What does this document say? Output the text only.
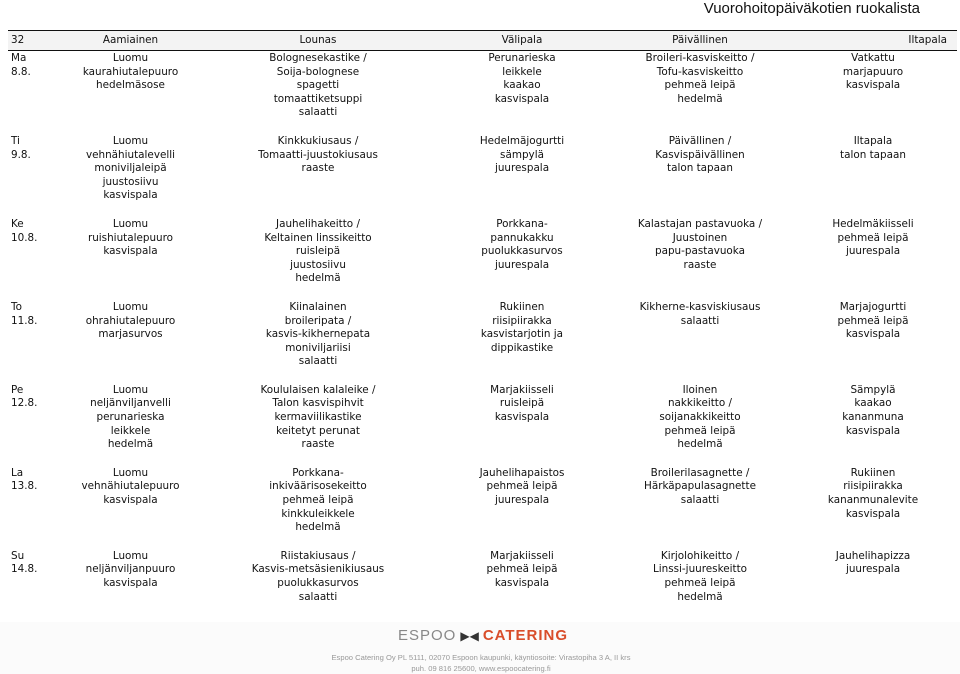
Vuorohoitopäiväkotien ruokalista
32	Aamiainen	Lounas	Välipala	Päivällinen	Iltapala

Ma
8.8.	Luomu
kaurahiutalepuuro
hedelmäsose	Bolognesekastike /
Soija-bolognese
spagetti
tomaattiketsuppi
salaatti	Perunarieska
leikkele
kaakao
kasvispala	Broileri-kasviskeitto /
Tofu-kasviskeitto
pehmeä leipä
hedelmä	Vatkattu
marjapuuro
kasvispala

Ti
9.8.	Luomu
vehnähiutalevelli
moniviljaleipä
juustosiivu
kasvispala	Kinkkukiusaus /
Tomaatti-juustokiusaus
raaste	Hedelmäjogurtti
sämpylä
juurespala	Päivällinen /
Kasvispäivällinen
talon tapaan	Iltapala
talon tapaan

Ke
10.8.	Luomu
ruishiutalepuuro
kasvispala	Jauhelihakeitto /
Keltainen linssikeitto
ruisleipä
juustosiivu
hedelmä	Porkkana-
pannukakku
puolukkasurvos
juurespala	Kalastajan pastavuoka /
Juustoinen
papu-pastavuoka
raaste	Hedelmäkiisseli
pehmeä leipä
juurespala

To
11.8.	Luomu
ohrahiutalepuuro
marjasurvos	Kiinalainen
broileripata /
kasvis-kikhernepata
moniviljariisi
salaatti	Rukiinen
riisipiirakka
kasvistarjotin ja
dippikastike	Kikherne-kasviskiusaus
salaatti	Marjajogurtti
pehmeä leipä
kasvispala

Pe
12.8.	Luomu
neljänviljanvelli
perunarieska
leikkele
hedelmä	Koululaisen kalaleike /
Talon kasvispihvit
kermaviilikastike
keitetyt perunat
raaste	Marjakiisseli
ruisleipä
kasvispala	Iloinen
nakkikeitto /
soijanakkikeitto
pehmeä leipä
hedelmä	Sämpylä
kaakao
kananmuna
kasvispala

La
13.8.	Luomu
vehnähiutalepuuro
kasvispala	Porkkana-
inkiväärisosekeitto
pehmeä leipä
kinkkuleikkele
hedelmä	Jauhelihapaistos
pehmeä leipä
juurespala	Broilerilasagnette /
Härkäpapulasagnette
salaatti	Rukiinen
riisipiirakka
kananmunalevite
kasvispala

Su
14.8.	Luomu
neljänviljanpuuro
kasvispala	Riistakiusaus /
Kasvis-metsäsienikiusaus
puolukkasurvos
salaatti	Marjakiisseli
pehmeä leipä
kasvispala	Kirjolohikeitto /
Linssi-juureskeitto
pehmeä leipä
hedelmä	Jauhelihapizza
juurespala
ESPOO ▶◀ CATERING
Espoo Catering Oy PL 5111, 02070 Espoon kaupunki, käyntiosoite: Virastopiha 3 A, II krs
puh. 09 816 25600, www.espoocatering.fi
